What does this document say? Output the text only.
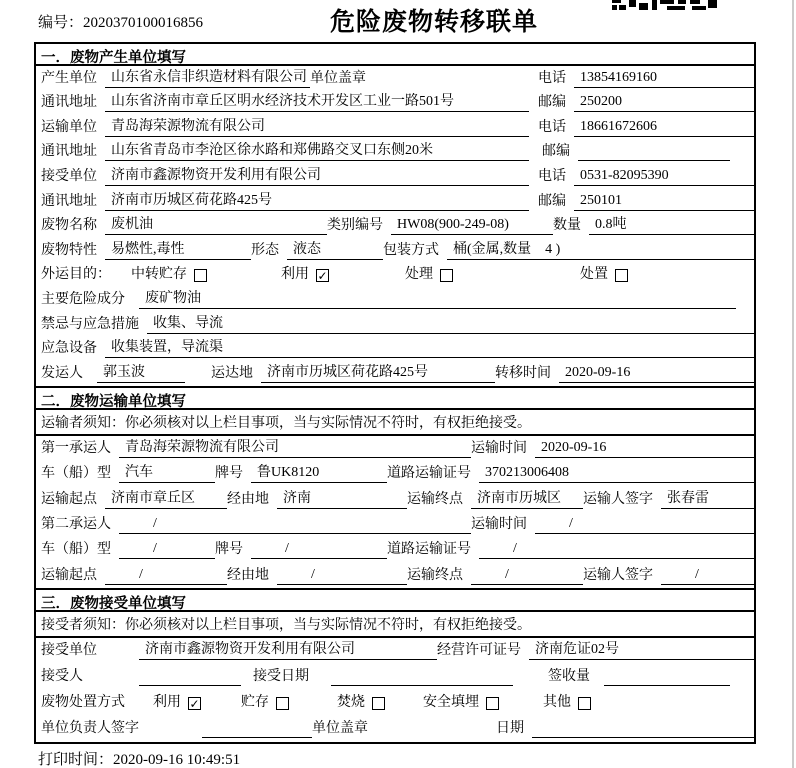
编号：2020370100016856	危险废物转移联单
一．废物产生单位填写
产生单位	山东省永信非织造材料有限公司 单位盖章	电话	13854169160
通讯地址	山东省济南市章丘区明水经济技术开发区工业一路501号	邮编	250200
运输单位	青岛海荣源物流有限公司	电话	18661672606
通讯地址	山东省青岛市李沧区徐水路和郑佛路交叉口东侧20米	邮编
接受单位	济南市鑫源物资开发利用有限公司	电话	0531-82095390
通讯地址	济南市历城区荷花路425号	邮编	250101
废物名称	废机油	类别编号	HW08(900-249-08)	数量	0.8吨
废物特性	易燃性,毒性	形态	液态	包装方式	桶(金属,数量　4 )
外运目的： 中转贮存	利用 ✓	处理	处置
主要危险成分	废矿物油
禁忌与应急措施	收集、导流
应急设备	收集装置，导流渠
发运人	郭玉波	运达地	济南市历城区荷花路425号	转移时间	2020-09-16
二．废物运输单位填写
运输者须知：你必须核对以上栏目事项，当与实际情况不符时，有权拒绝接受。
第一承运人	青岛海荣源物流有限公司	运输时间	2020-09-16
车（船）型	汽车	牌号	鲁UK8120	道路运输证号	370213006408
运输起点	济南市章丘区	经由地	济南	运输终点	济南市历城区	运输人签字	张春雷
第二承运人	　　/	运输时间	　　/
车（船）型	　　/	牌号	　　/	道路运输证号	　　/
运输起点	　　/	经由地	　　/	运输终点	　　/	运输人签字	　　/
三．废物接受单位填写
接受者须知：你必须核对以上栏目事项，当与实际情况不符时，有权拒绝接受。
接受单位	济南市鑫源物资开发利用有限公司	经营许可证号	济南危证02号
接受人	接受日期	签收量
废物处置方式 利用 ✓	贮存	焚烧	安全填埋	其他
单位负责人签字	单位盖章	日期
打印时间：2020-09-16 10:49:51
